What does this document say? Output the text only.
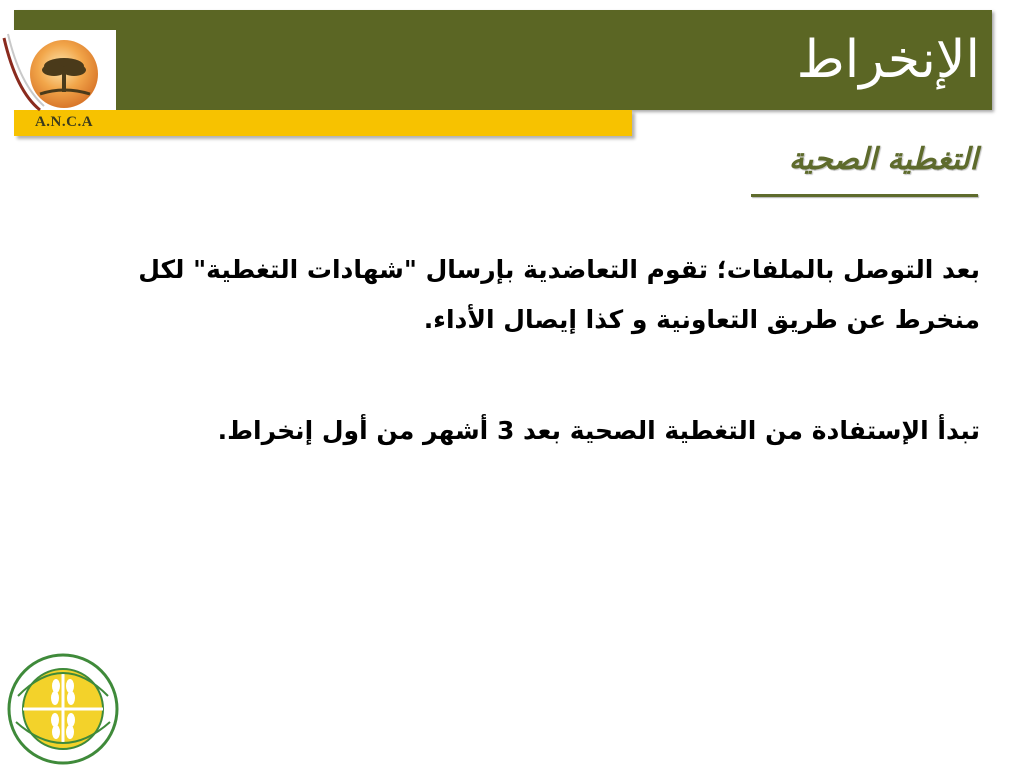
الإنخراط
A.N.C.A
التغطية الصحية

بعد التوصل بالملفات؛ تقوم التعاضدية بإرسال "شهادات التغطية" لكل منخرط عن طريق التعاونية و كذا إيصال الأداء.

تبدأ الإستفادة من التغطية الصحية بعد 3 أشهر من أول إنخراط.
